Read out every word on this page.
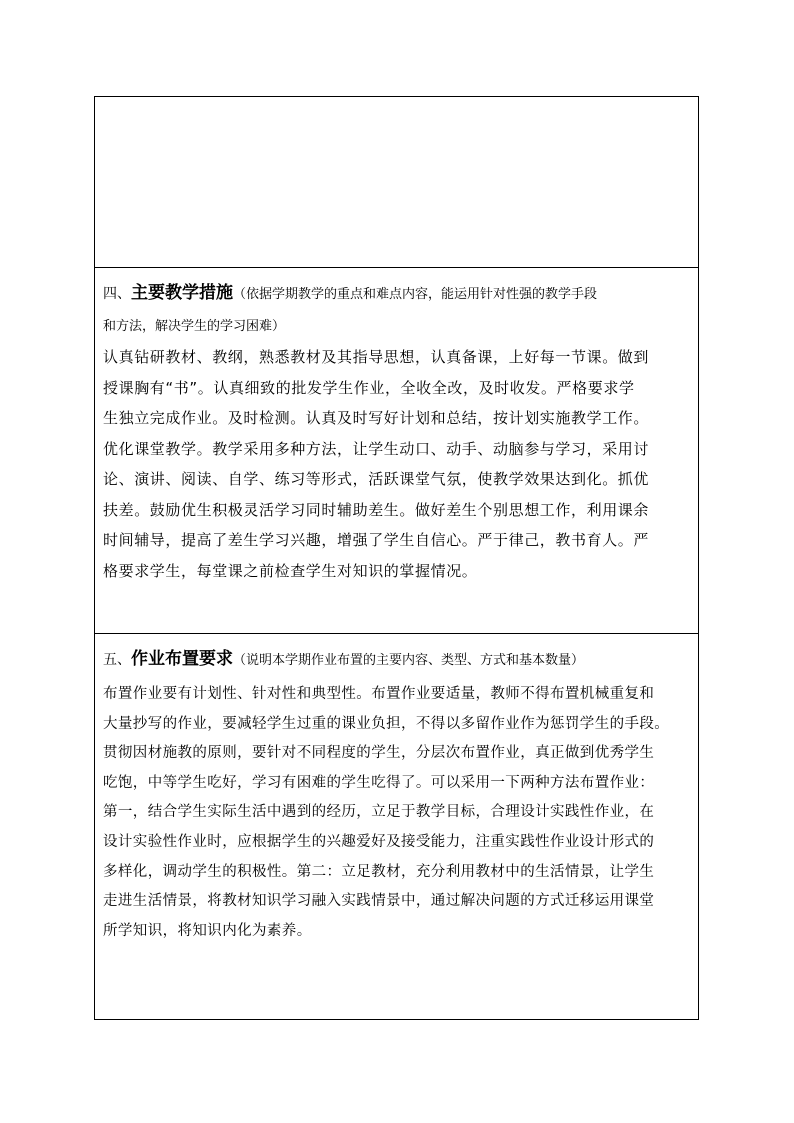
四、主要教学措施（依据学期教学的重点和难点内容，能运用针对性强的教学手段
和方法，解决学生的学习困难）

认真钻研教材、教纲，熟悉教材及其指导思想，认真备课，上好每一节课。做到
授课胸有“书”。认真细致的批发学生作业，全收全改，及时收发。严格要求学
生独立完成作业。及时检测。认真及时写好计划和总结，按计划实施教学工作。
优化课堂教学。教学采用多种方法，让学生动口、动手、动脑参与学习，采用讨
论、演讲、阅读、自学、练习等形式，活跃课堂气氛，使教学效果达到化。抓优
扶差。鼓励优生积极灵活学习同时辅助差生。做好差生个别思想工作，利用课余
时间辅导，提高了差生学习兴趣，增强了学生自信心。严于律己，教书育人。严
格要求学生，每堂课之前检查学生对知识的掌握情况。

五、作业布置要求（说明本学期作业布置的主要内容、类型、方式和基本数量）

布置作业要有计划性、针对性和典型性。布置作业要适量，教师不得布置机械重复和
大量抄写的作业，要减轻学生过重的课业负担，不得以多留作业作为惩罚学生的手段。
贯彻因材施教的原则，要针对不同程度的学生，分层次布置作业，真正做到优秀学生
吃饱，中等学生吃好，学习有困难的学生吃得了。可以采用一下两种方法布置作业：
第一，结合学生实际生活中遇到的经历，立足于教学目标，合理设计实践性作业，在
设计实验性作业时，应根据学生的兴趣爱好及接受能力，注重实践性作业设计形式的
多样化，调动学生的积极性。第二：立足教材，充分利用教材中的生活情景，让学生
走进生活情景，将教材知识学习融入实践情景中，通过解决问题的方式迁移运用课堂
所学知识，将知识内化为素养。
